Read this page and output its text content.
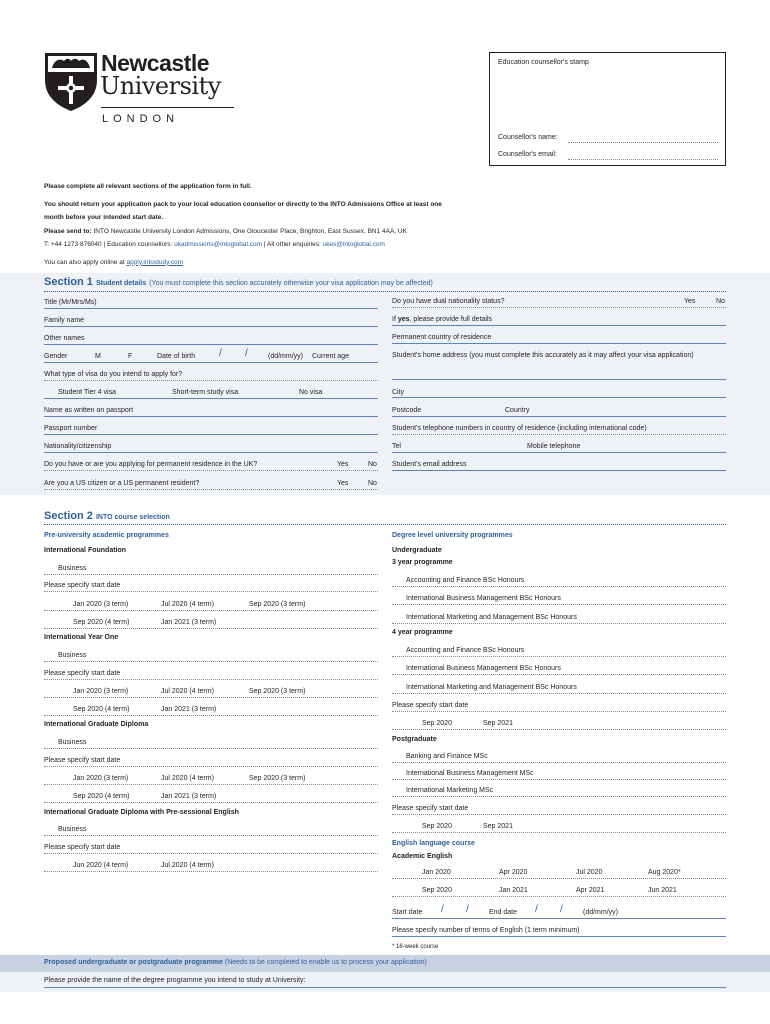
Newcastle
University
LONDON
Education counsellor's stamp
Counsellor's name:
Counsellor's email:
Please complete all relevant sections of the application form in full.
You should return your application pack to your local education counsellor or directly to the INTO Admissions Office at least one
month before your intended start date.
Please send to: INTO Newcastle University London Admissions, One Gloucester Place, Brighton, East Sussex, BN1 4AA, UK
T: +44 1273 876040 | Education counsellors: ukadmissions@intoglobal.com | All other enquiries: ukes@intoglobal.com
You can also apply online at apply.intostudy.com
Section 1 Student details (You must complete this section accurately otherwise your visa application may be affected)
Title (Mr/Mrs/Ms)
Family name
Other names
Gender	M	F	Date of birth / /	(dd/mm/yy) Current age
What type of visa do you intend to apply for?
Student Tier 4 visa	Short-term study visa	No visa
Name as written on passport
Passport number
Nationality/citizenship
Do you have or are you applying for permanent residence in the UK?	Yes	No
Are you a US citizen or a US permanent resident?	Yes	No
Do you have dual nationality status?	Yes	No
If yes, please provide full details
Permanent country of residence
Student's home address (you must complete this accurately as it may affect your visa application)
City
Postcode	Country
Student's telephone numbers in country of residence (including international code)
Tel	Mobile telephone
Student's email address
Section 2 INTO course selection
Pre-university academic programmes	Degree level university programmes
International Foundation
Business
Please specify start date
Jan 2020 (3 term)	Jul 2020 (4 term)	Sep 2020 (3 term)
Sep 2020 (4 term)	Jan 2021 (3 term)
International Year One
Business
Please specify start date
Jan 2020 (3 term)	Jul 2020 (4 term)	Sep 2020 (3 term)
Sep 2020 (4 term)	Jan 2021 (3 term)
International Graduate Diploma
Business
Please specify start date
Jan 2020 (3 term)	Jul 2020 (4 term)	Sep 2020 (3 term)
Sep 2020 (4 term)	Jan 2021 (3 term)
International Graduate Diploma with Pre-sessional English
Business
Please specify start date
Jun 2020 (4 term)	Jul 2020 (4 term)
Undergraduate
3 year programme
Accounting and Finance BSc Honours
International Business Management BSc Honours
International Marketing and Management BSc Honours
4 year programme
Accounting and Finance BSc Honours
International Business Management BSc Honours
International Marketing and Management BSc Honours
Please specify start date
Sep 2020	Sep 2021
Postgraduate
Banking and Finance MSc
International Business Management MSc
International Marketing MSc
Please specify start date
Sep 2020	Sep 2021
English language course
Academic English
Jan 2020	Apr 2020	Jul 2020	Aug 2020*
Sep 2020	Jan 2021	Apr 2021	Jun 2021
Start date / /	End date / /	(dd/mm/yy)
Please specify number of terms of English (1 term minimum)
* 16-week course
Proposed undergraduate or postgraduate programme (Needs to be completed to enable us to process your application)
Please provide the name of the degree programme you intend to study at University:
